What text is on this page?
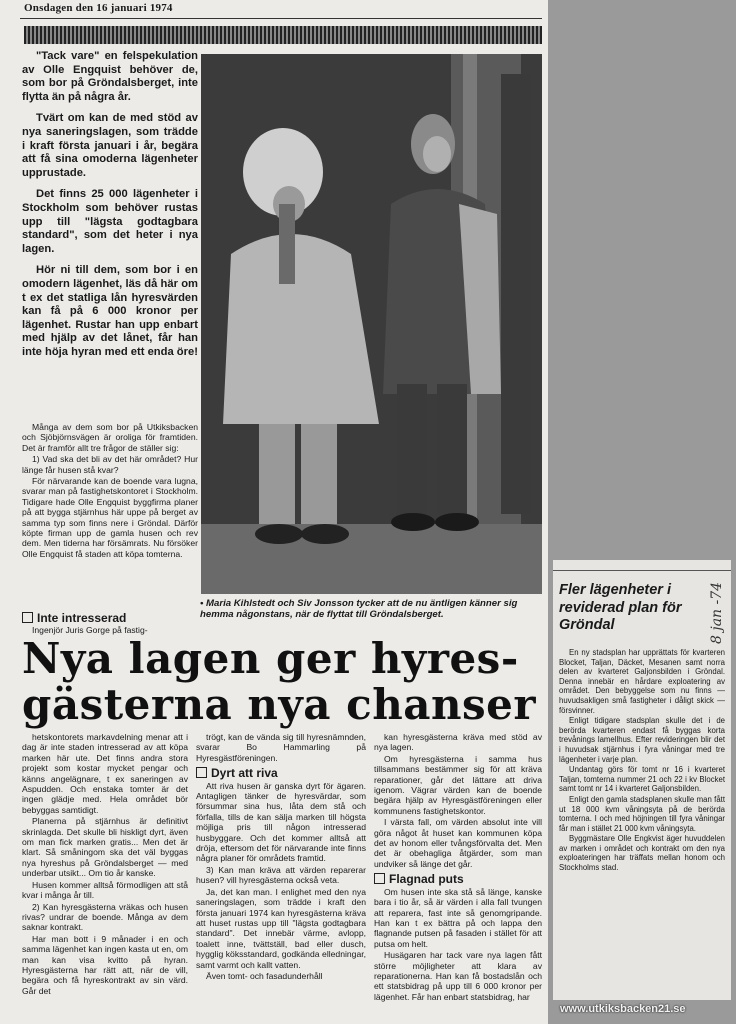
Onsdagen den 16 januari 1974

"Tack vare" en felspekulation av Olle Engquist behöver de, som bor på Gröndalsberget, inte flytta än på några år.

Tvärt om kan de med stöd av nya saneringslagen, som trädde i kraft första januari i år, begära att få sina omoderna lägenheter upprustade.

Det finns 25 000 lägenheter i Stockholm som behöver rustas upp till "lägsta godtagbara standard", som det heter i nya lagen.

Hör ni till dem, som bor i en omodern lägenhet, läs då här om t ex det statliga lån hyresvärden kan få på 6 000 kronor per lägenhet. Rustar han upp enbart med hjälp av det lånet, får han inte höja hyran med ett enda öre!

Många av dem som bor på Utkiksbacken och Sjöbjörnsvägen är oroliga för framtiden. Det är framför allt tre frågor de ställer sig:

1) Vad ska det bli av det här området? Hur länge får husen stå kvar?

För närvarande kan de boende vara lugna, svarar man på fastighetskontoret i Stockholm. Tidigare hade Olle Engquist byggfirma planer på att bygga stjärnhus här uppe på berget av samma typ som finns nere i Gröndal. Därför köpte firman upp de gamla husen och rev dem. Men tiderna har försämrats. Nu försöker Olle Engquist få staden att köpa tomterna.

Inte intresserad

Ingenjör Juris Gorge på fastig-

• Maria Kihlstedt och Siv Jonsson tycker att de nu äntligen känner sig hemma någonstans, när de flyttat till Gröndalsberget.
Nya lagen ger hyres-gästerna nya chanser

hetskontorets markavdelning menar att i dag är inte staden intresserad av att köpa marken här ute. Det finns andra stora projekt som kostar mycket pengar och känns angelägnare, t ex saneringen av Aspudden. Och enstaka tomter är det ingen glädje med. Hela området bör bebyggas samtidigt.

Planerna på stjärnhus är definitivt skrinlagda. Det skulle bli hiskligt dyrt, även om man fick marken gratis... Men det är klart. Så småningom ska det väl byggas nya hyreshus på Gröndalsberget — med underbar utsikt... Om tio år kanske.

Husen kommer alltså förmodligen att stå kvar i många år till.

2) Kan hyresgästerna vräkas och husen rivas? undrar de boende. Många av dem saknar kontrakt.

Har man bott i 9 månader i en och samma lägenhet kan ingen kasta ut en, om man kan visa kvitto på hyran. Hyresgästerna har rätt att, när de vill, begära och få hyreskontrakt av sin värd. Går det

trögt, kan de vända sig till hyresnämnden, svarar Bo Hammarling på Hyresgästföreningen.

Dyrt att riva

Att riva husen är ganska dyrt för ägaren. Antagligen tänker de hyresvärdar, som försummar sina hus, låta dem stå och förfalla, tills de kan sälja marken till högsta möjliga pris till någon intresserad husbyggare. Och det kommer alltså att dröja, eftersom det för närvarande inte finns några planer för områdets framtid.

3) Kan man kräva att värden reparerar husen? vill hyresgästerna också veta.

Ja, det kan man. I enlighet med den nya saneringslagen, som trädde i kraft den första januari 1974 kan hyresgästerna kräva att huset rustas upp till "lägsta godtagbara standard". Det innebär värme, avlopp, toalett inne, tvättställ, bad eller dusch, hygglig köksstandard, godkända elledningar, samt varmt och kallt vatten.

Även tomt- och fasadunderhåll

kan hyresgästerna kräva med stöd av nya lagen.

Om hyresgästerna i samma hus tillsammans bestämmer sig för att kräva reparationer, går det lättare att driva igenom. Vägrar värden kan de boende begära hjälp av Hyresgästföreningen eller kommunens fastighetskontor.

I värsta fall, om värden absolut inte vill göra något åt huset kan kommunen köpa det av honom eller tvångsförvalta det. Men det är obehagliga åtgärder, som man undviker så länge det går.

Flagnad puts

Om husen inte ska stå så länge, kanske bara i tio år, så är värden i alla fall tvungen att reparera, fast inte så genomgripande. Han kan t ex bättra på och lappa den flagnande putsen på fasaden i stället för att putsa om helt.

Husägaren har tack vare nya lagen fått större möjligheter att klara av reparationerna. Han kan få bostadslån och ett statsbidrag på upp till 6 000 kronor per lägenhet. Får han enbart statsbidrag, har

8 jan -74
Fler lägenheter i reviderad plan för Gröndal

En ny stadsplan har upprättats för kvarteren Blocket, Taljan, Däcket, Mesanen samt norra delen av kvarteret Galjonsbilden i Gröndal. Denna innebär en hårdare exploatering av området. Den bebyggelse som nu finns — huvudsakligen små fastigheter i dåligt skick — försvinner.

Enligt tidigare stadsplan skulle det i de berörda kvarteren endast få byggas korta trevånings lamellhus. Efter revideringen blir det i huvudsak stjärnhus i fyra våningar med tre lägenheter i varje plan.

Undantag görs för tomt nr 16 i kvarteret Taljan, tomterna nummer 21 och 22 i kv Blocket samt tomt nr 14 i kvarteret Galjonsbilden.

Enligt den gamla stadsplanen skulle man fått ut 18 000 kvm våningsyta på de berörda tomterna. I och med höjningen till fyra våningar får man i stället 21 000 kvm våningsyta.

Byggmästare Olle Engkvist äger huvuddelen av marken i området och kontrakt om den nya exploateringen har träffats mellan honom och Stockholms stad.

www.utkiksbacken21.se
